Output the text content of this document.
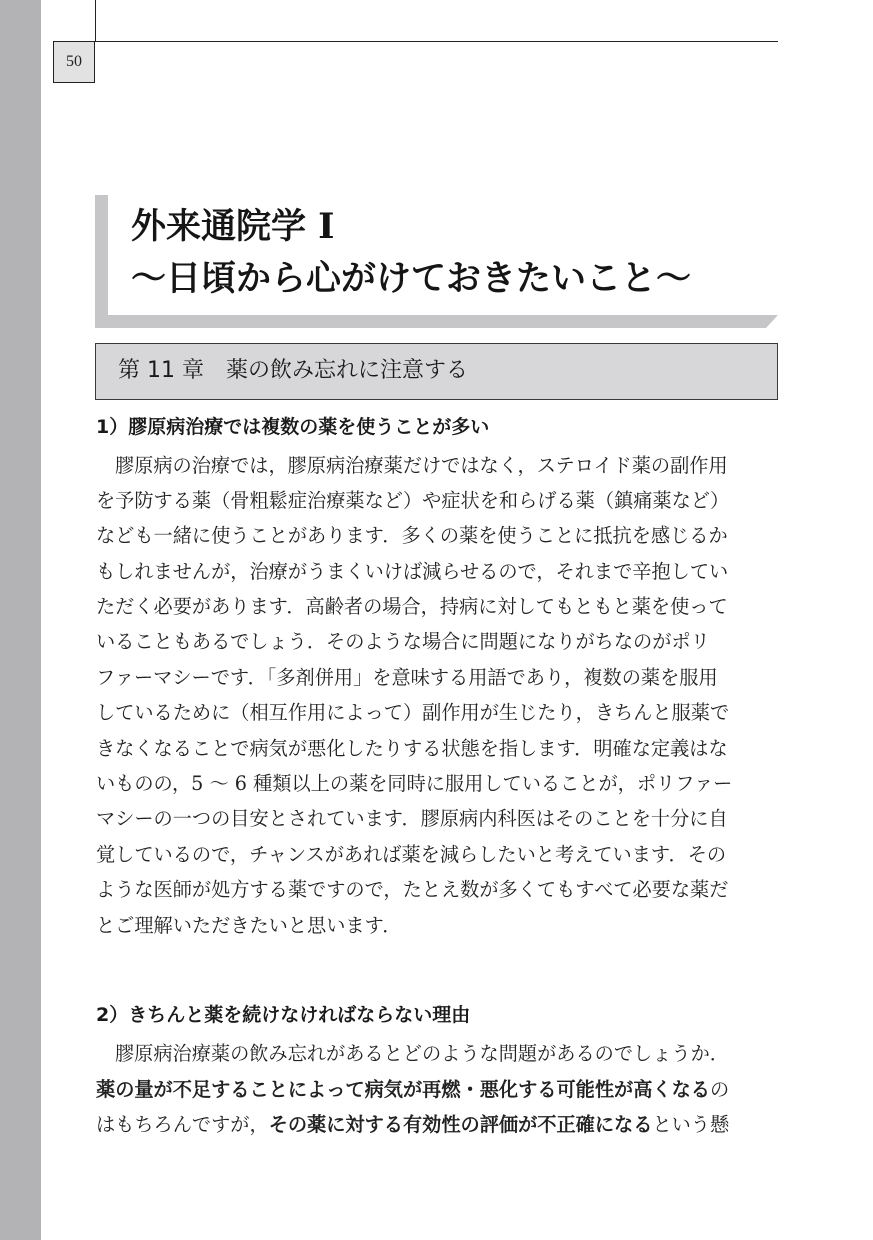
50
外来通院学 I
〜日頃から心がけておきたいこと〜
第 11 章　薬の飲み忘れに注意する
1）膠原病治療では複数の薬を使うことが多い

膠原病の治療では，膠原病治療薬だけではなく，ステロイド薬の副作用

を予防する薬（骨粗鬆症治療薬など）や症状を和らげる薬（鎮痛薬など）

なども一緒に使うことがあります．多くの薬を使うことに抵抗を感じるか

もしれませんが，治療がうまくいけば減らせるので，それまで辛抱してい

ただく必要があります．高齢者の場合，持病に対してもともと薬を使って

いることもあるでしょう．そのような場合に問題になりがちなのがポリ

ファーマシーです．「多剤併用」を意味する用語であり，複数の薬を服用

しているために（相互作用によって）副作用が生じたり，きちんと服薬で

きなくなることで病気が悪化したりする状態を指します．明確な定義はな

いものの，5 〜 6 種類以上の薬を同時に服用していることが，ポリファー

マシーの一つの目安とされています．膠原病内科医はそのことを十分に自

覚しているので，チャンスがあれば薬を減らしたいと考えています．その

ような医師が処方する薬ですので，たとえ数が多くてもすべて必要な薬だ

とご理解いただきたいと思います．

2）きちんと薬を続けなければならない理由

膠原病治療薬の飲み忘れがあるとどのような問題があるのでしょうか．

薬の量が不足することによって病気が再燃・悪化する可能性が高くなるの

はもちろんですが，その薬に対する有効性の評価が不正確になるという懸
